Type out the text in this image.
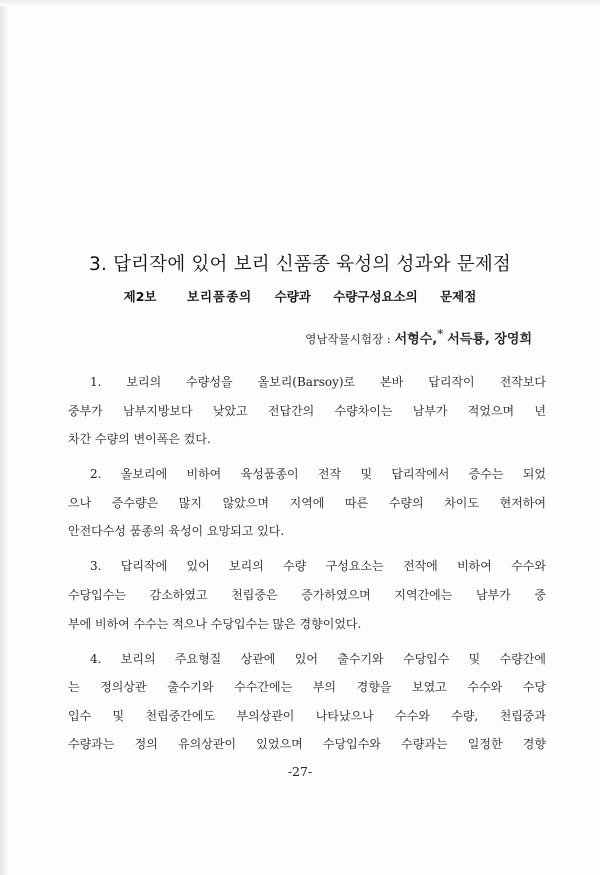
3. 답리작에 있어 보리 신품종 육성의 성과와 문제점
제2보 보리품종의 수량과 수량구성요소의 문제점
영남작물시험장 : 서형수,* 서득룡, 장영희
1. 보리의 수량성을 올보리(Barsoy)로 본바 답리작이 전작보다
중부가 남부지방보다 낮았고 전답간의 수량차이는 남부가 적었으며 년
차간 수량의 변이폭은 컸다.
2. 올보리에 비하여 육성품종이 전작 및 답리작에서 증수는 되었
으나 증수량은 많지 않았으며 지역에 따른 수량의 차이도 현저하여
안전다수성 품종의 육성이 요망되고 있다.
3. 답리작에 있어 보리의 수량 구성요소는 전작에 비하여 수수와
수당입수는 감소하였고 천립중은 증가하였으며 지역간에는 남부가 중
부에 비하여 수수는 적으나 수당입수는 많은 경향이었다.
4. 보리의 주요형질 상관에 있어 출수기와 수당입수 및 수량간에
는 정의상관 출수기와 수수간에는 부의 경향을 보였고 수수와 수당
입수 및 천립중간에도 부의상관이 나타났으나 수수와 수량, 천립중과
수량과는 정의 유의상관이 있었으며 수당입수와 수량과는 일정한 경향
-27-
